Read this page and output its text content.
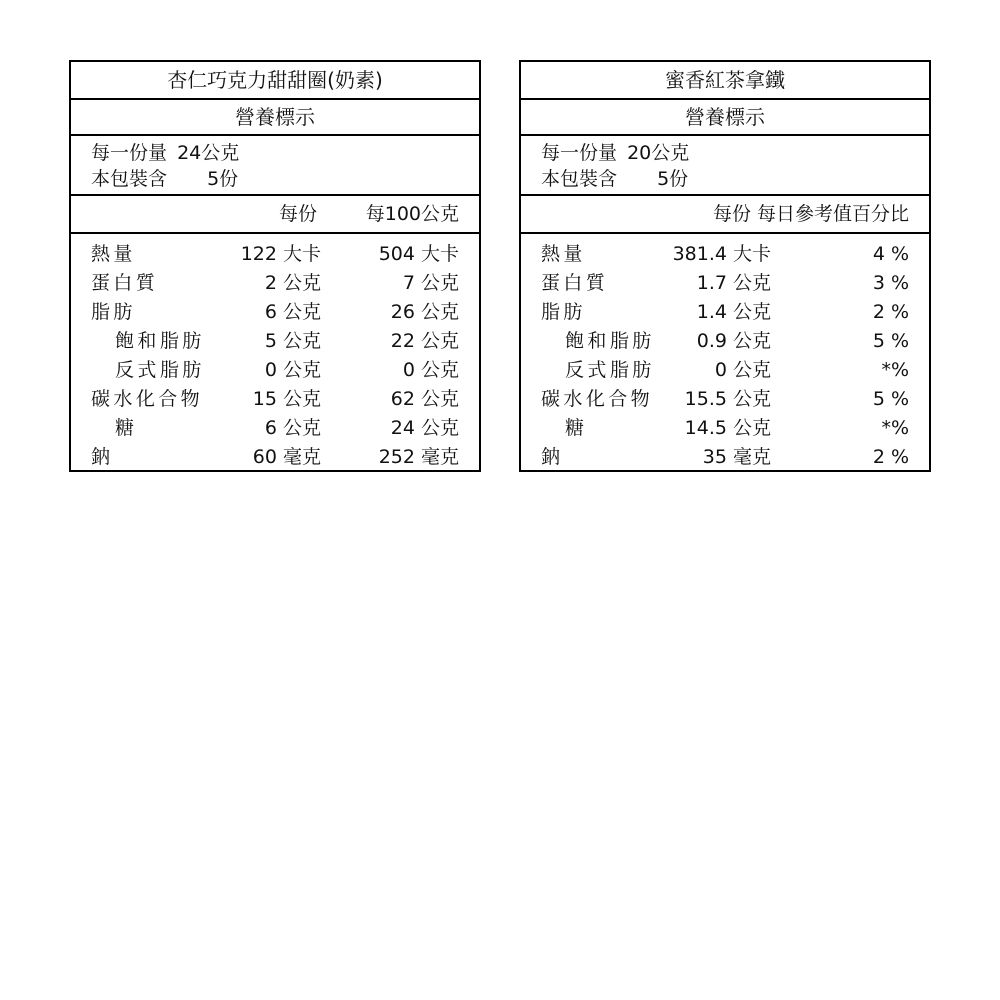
杏仁巧克力甜甜圈(奶素)
營養標示
每一份量 24公克
本包裝含 5份
每份	每100公克
熱量	122 大卡	504 大卡
蛋白質	2 公克	7 公克
脂肪	6 公克	26 公克
飽和脂肪	5 公克	22 公克
反式脂肪	0 公克	0 公克
碳水化合物	15 公克	62 公克
糖	6 公克	24 公克
鈉	60 毫克	252 毫克
蜜香紅茶拿鐵
營養標示
每一份量 20公克
本包裝含 5份
每份 每日參考值百分比
熱量	381.4 大卡	4 %
蛋白質	1.7 公克	3 %
脂肪	1.4 公克	2 %
飽和脂肪 0.9 公克	5 %
反式脂肪	0 公克	*%
碳水化合物 15.5 公克	5 %
糖	14.5 公克	*%
鈉	35 毫克	2 %
